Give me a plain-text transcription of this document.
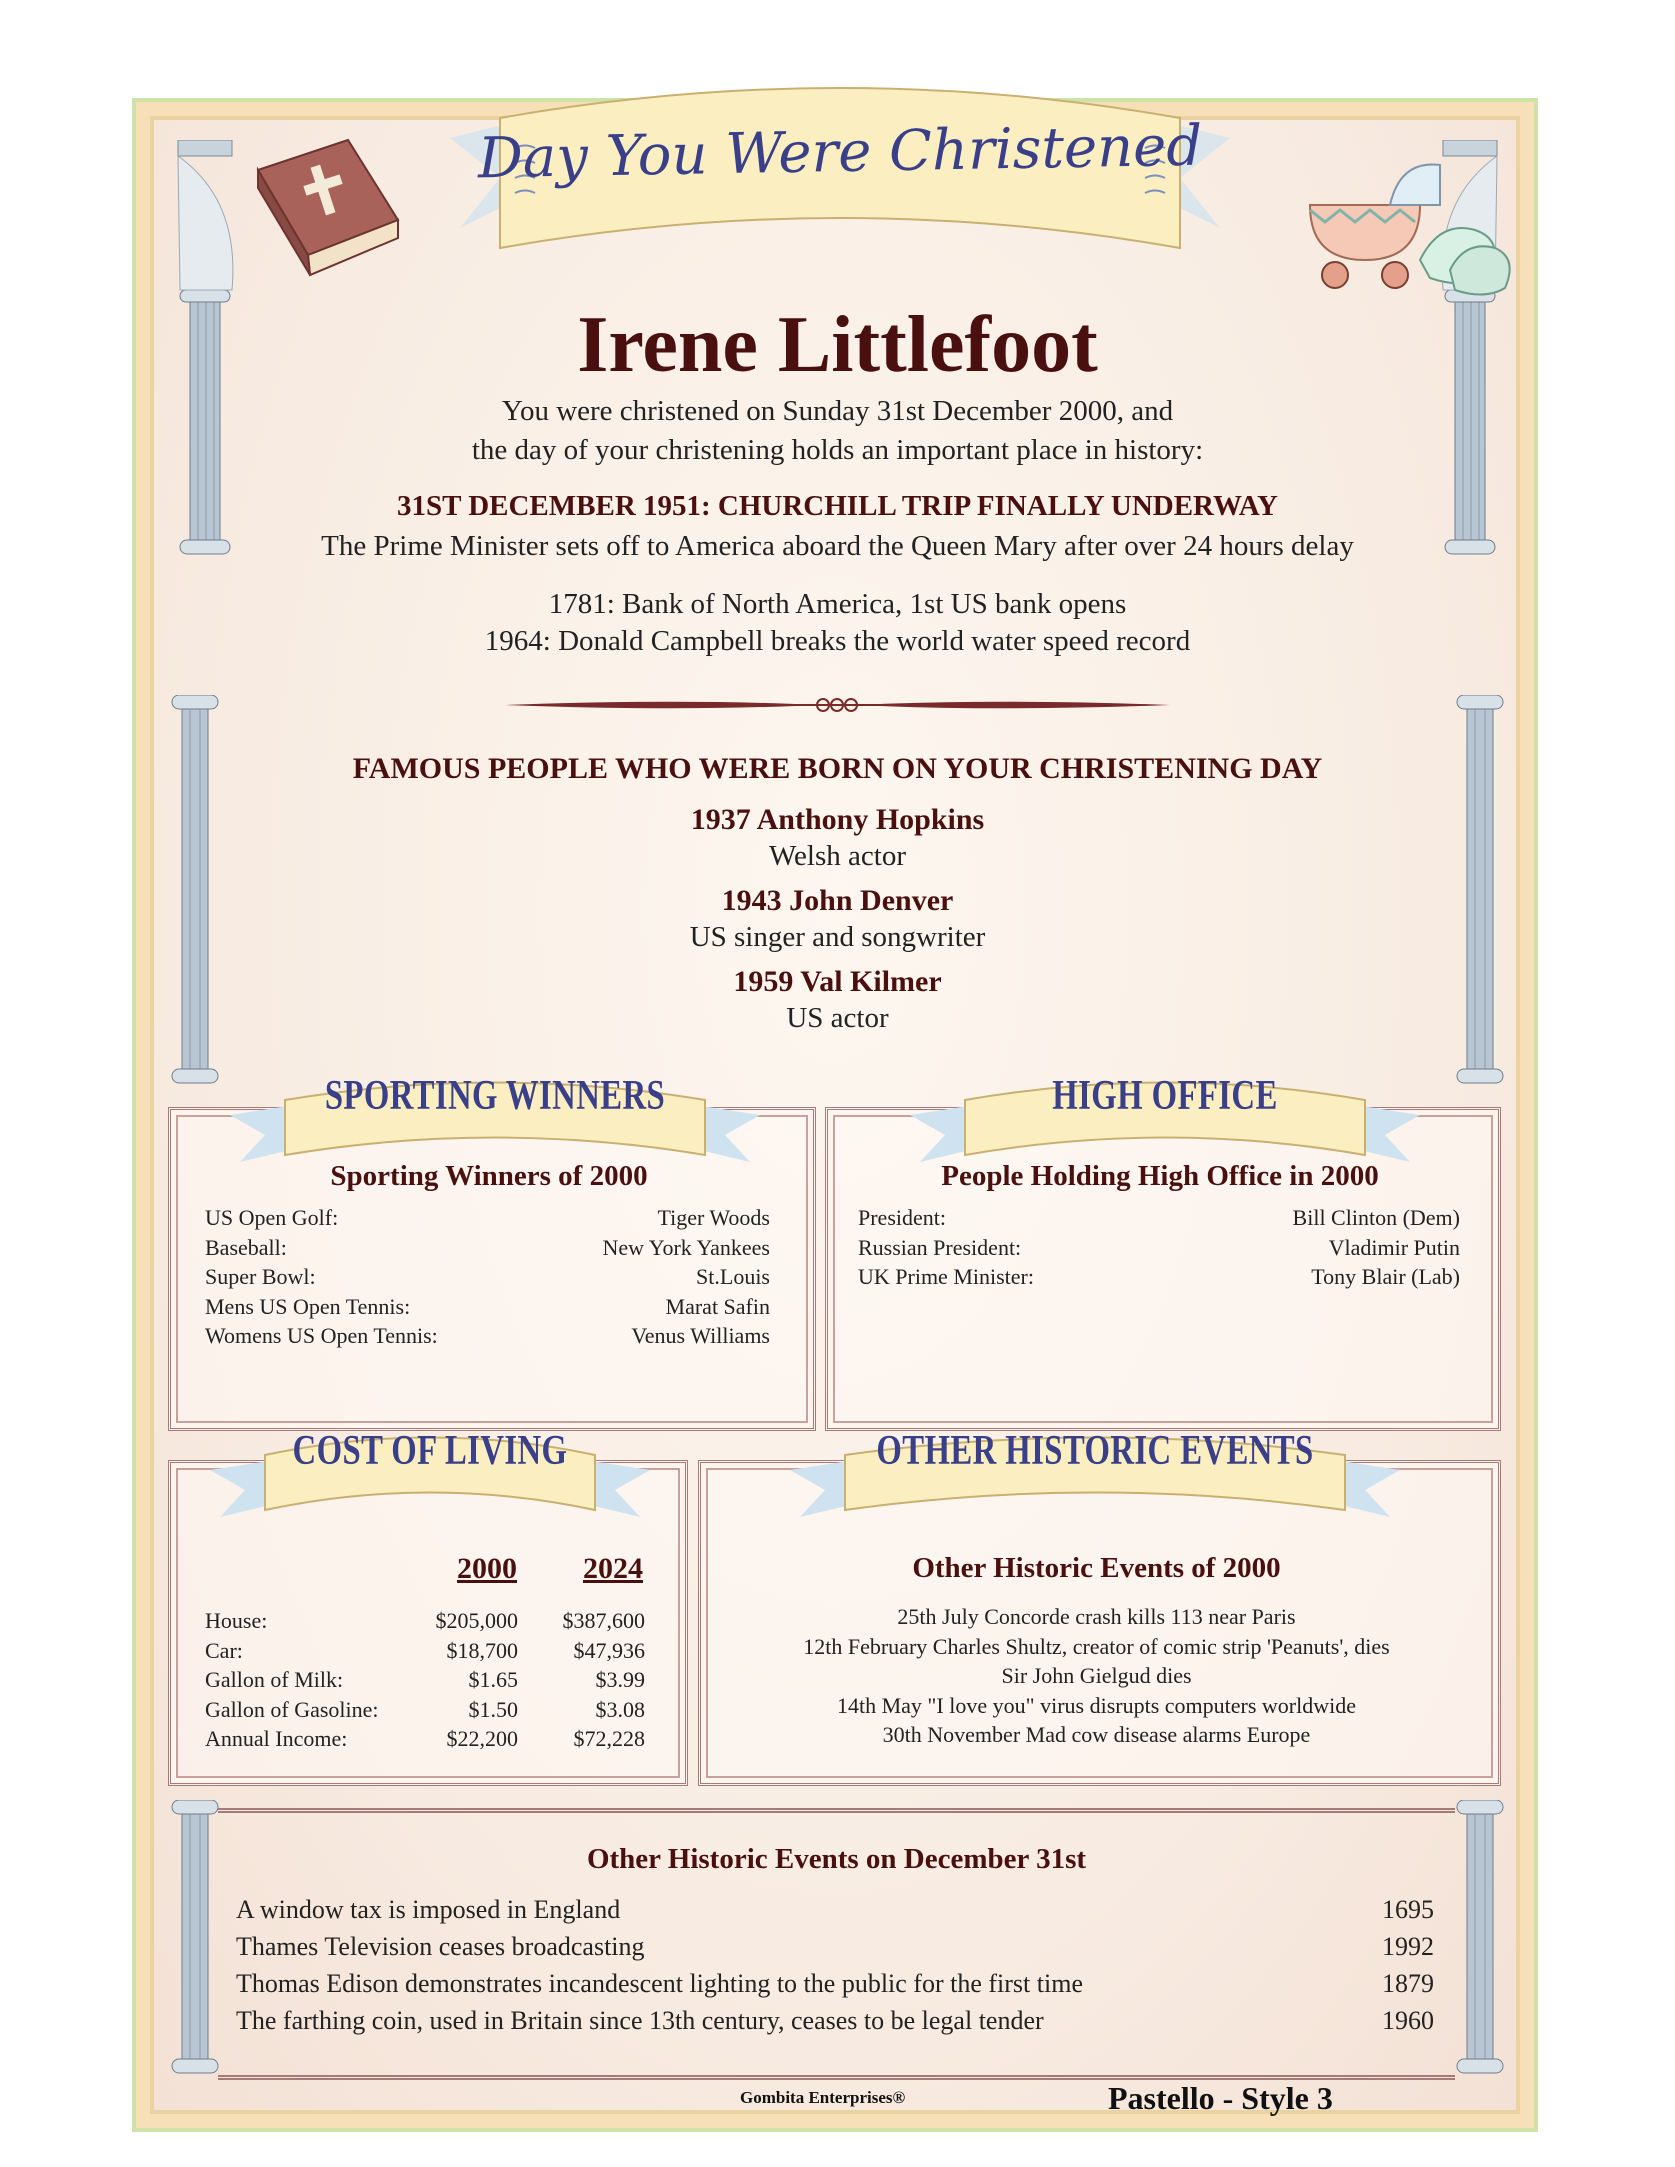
Day You Were Christened
Irene Littlefoot
You were christened on Sunday 31st December 2000, and
the day of your christening holds an important place in history:
31ST DECEMBER 1951: CHURCHILL TRIP FINALLY UNDERWAY
The Prime Minister sets off to America aboard the Queen Mary after over 24 hours delay
1781: Bank of North America, 1st US bank opens
1964: Donald Campbell breaks the world water speed record
FAMOUS PEOPLE WHO WERE BORN ON YOUR CHRISTENING DAY
1937 Anthony Hopkins
Welsh actor
1943 John Denver
US singer and songwriter
1959 Val Kilmer
US actor
SPORTING WINNERS
Sporting Winners of 2000
US Open Golf:	Tiger Woods
Baseball:	New York Yankees
Super Bowl:	St.Louis
Mens US Open Tennis:	Marat Safin
Womens US Open Tennis:	Venus Williams
HIGH OFFICE
People Holding High Office in 2000
President:	Bill Clinton (Dem)
Russian President:	Vladimir Putin
UK Prime Minister:	Tony Blair (Lab)
COST OF LIVING
2000 2024
House:	$205,000 $387,600
Car:	$18,700	$47,936
Gallon of Milk:	$1.65	$3.99
Gallon of Gasoline:	$1.50	$3.08
Annual Income:	$22,200	$72,228
OTHER HISTORIC EVENTS
Other Historic Events of 2000
25th July Concorde crash kills 113 near Paris
12th February Charles Shultz, creator of comic strip 'Peanuts', dies
Sir John Gielgud dies
14th May "I love you" virus disrupts computers worldwide
30th November Mad cow disease alarms Europe
Other Historic Events on December 31st
A window tax is imposed in England	1695
Thames Television ceases broadcasting	1992
Thomas Edison demonstrates incandescent lighting to the public for the first time	1879
The farthing coin, used in Britain since 13th century, ceases to be legal tender	1960
Gombita Enterprises®	Pastello - Style 3
